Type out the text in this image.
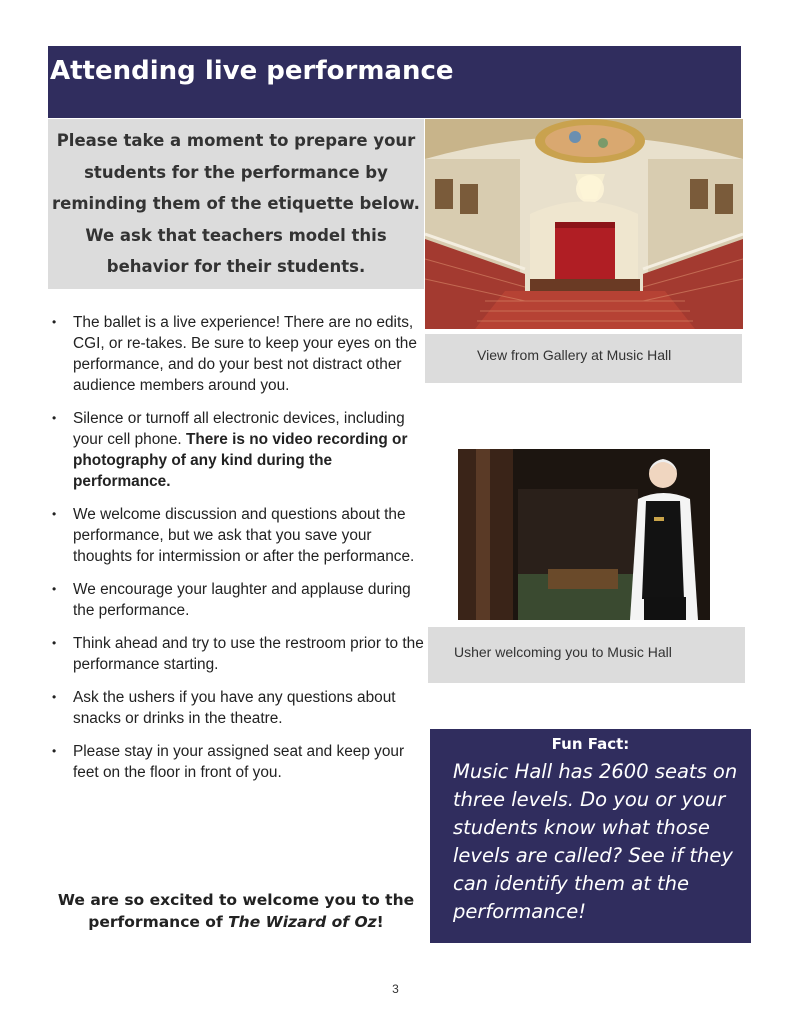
Attending live performance

Please take a moment to prepare your students for the performance by reminding them of the etiquette below. We ask that teachers model this behavior for their students.

View from Gallery at Music Hall
Usher welcoming you to Music Hall
• The ballet is a live experience! There are no edits, CGI, or re-takes. Be sure to keep your eyes on the performance, and do your best not distract other audience members around you.
• Silence or turnoff all electronic devices, including your cell phone. There is no video recording or photography of any kind during the performance.
• We welcome discussion and questions about the performance, but we ask that you save your thoughts for intermission or after the performance.
• We encourage your laughter and applause during the performance.
• Think ahead and try to use the restroom prior to the performance starting.
• Ask the ushers if you have any questions about snacks or drinks in the theatre.
• Please stay in your assigned seat and keep your feet on the floor in front of you.
We are so excited to welcome you to the performance of The Wizard of Oz!
Fun Fact:

Music Hall has 2600 seats on three levels. Do you or your students know what those levels are called? See if they can identify them at the performance!

3
